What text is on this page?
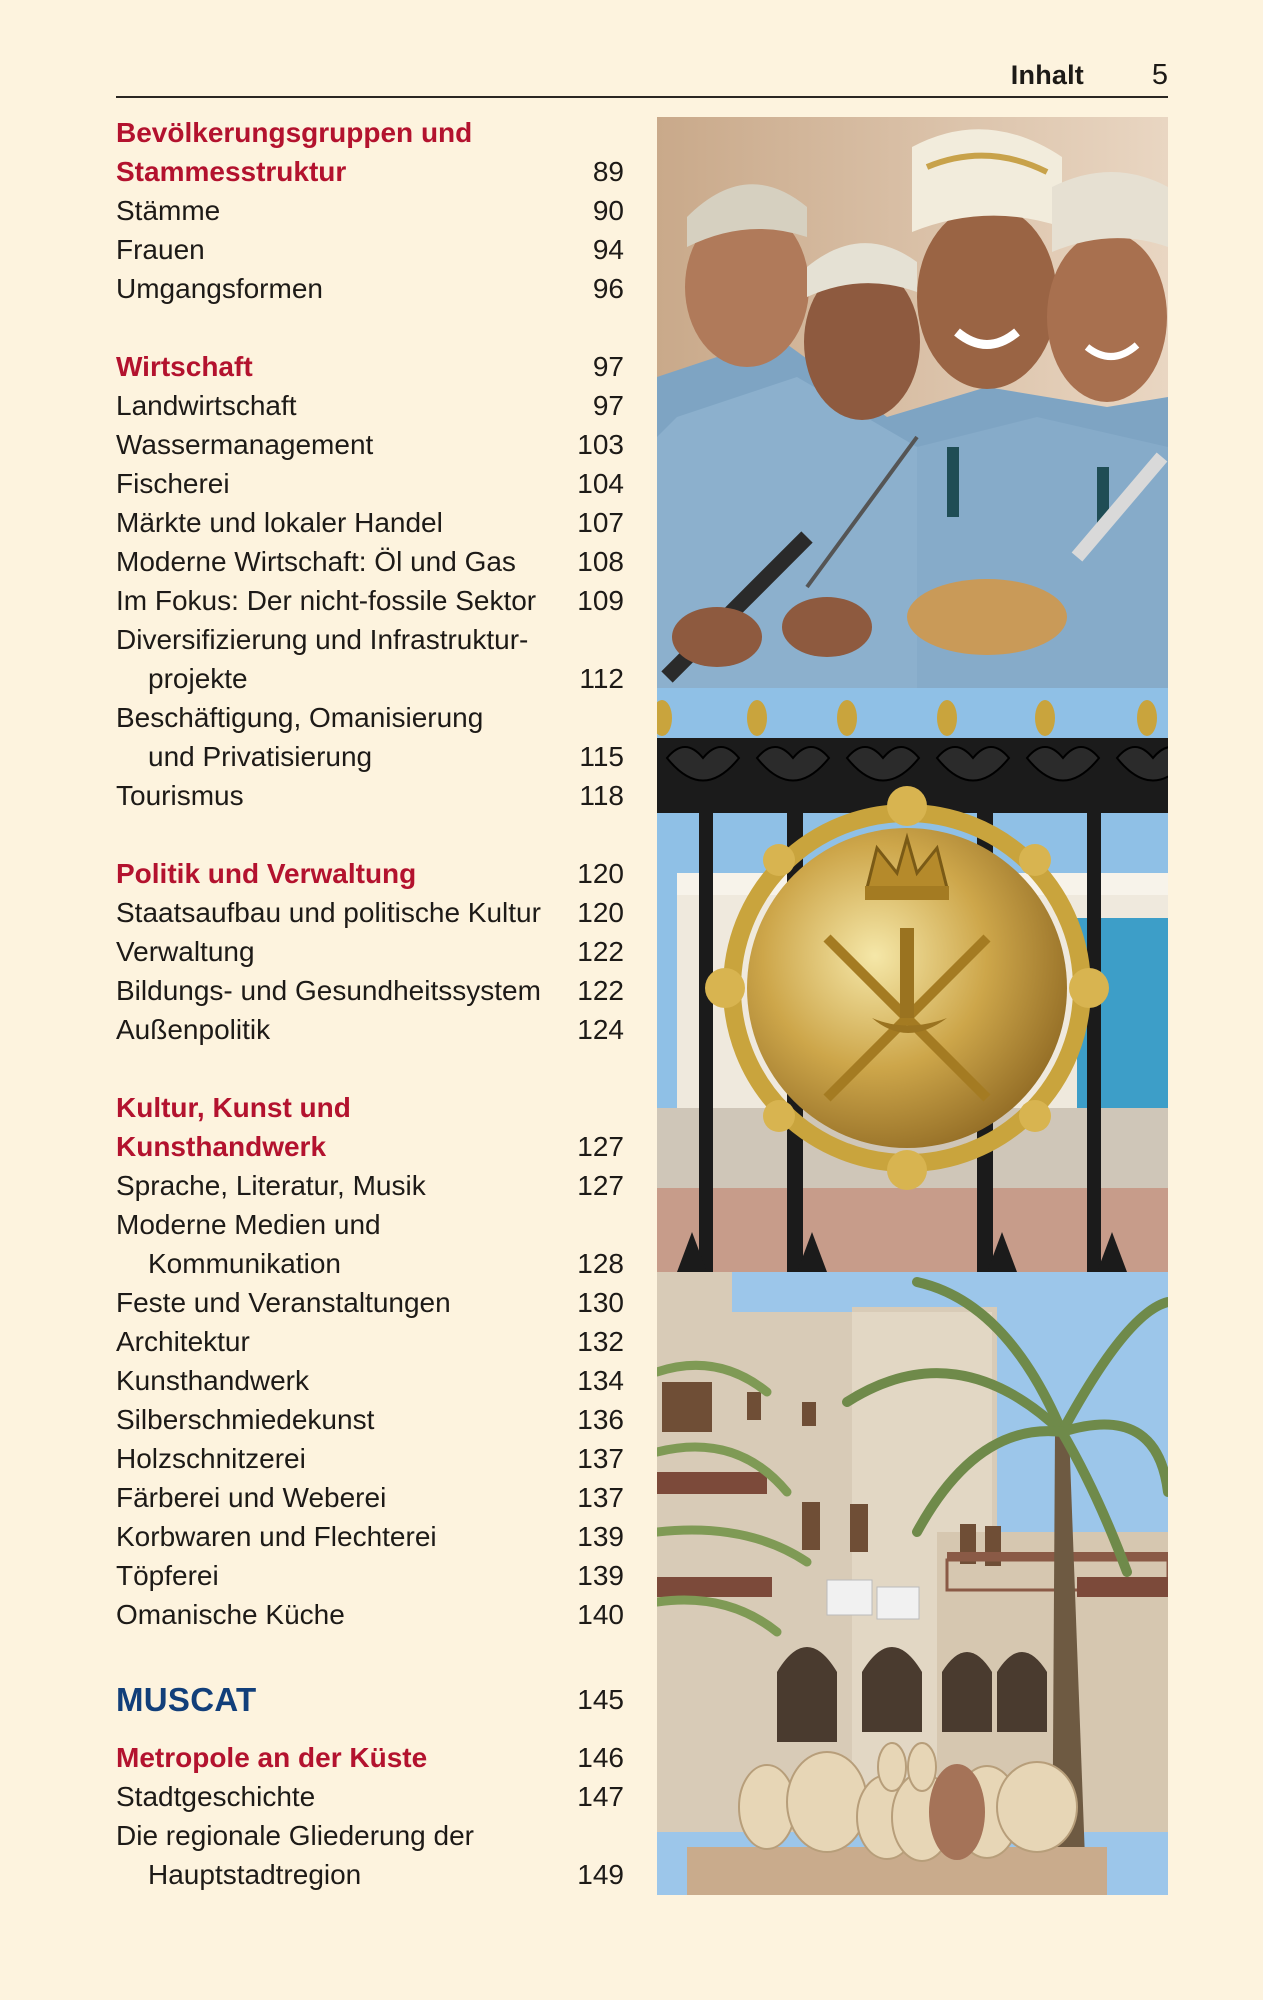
Inhalt 5
Bevölkerungsgruppen und
Stammesstruktur	89
Stämme	90
Frauen	94
Umgangsformen	96
Wirtschaft	97
Landwirtschaft	97
Wassermanagement	103
Fischerei	104
Märkte und lokaler Handel	107
Moderne Wirtschaft: Öl und Gas 108
Im Fokus: Der nicht-fossile Sektor 109
Diversifizierung und Infrastruktur-
projekte	112
Beschäftigung, Omanisierung
und Privatisierung	115
Tourismus	118
Politik und Verwaltung	120
Staatsaufbau und politische Kultur 120
Verwaltung	122
Bildungs- und Gesundheitssystem 122
Außenpolitik	124
Kultur, Kunst und
Kunsthandwerk	127
Sprache, Literatur, Musik	127
Moderne Medien und
Kommunikation	128
Feste und Veranstaltungen	130
Architektur	132
Kunsthandwerk	134
Silberschmiedekunst	136
Holzschnitzerei	137
Färberei und Weberei	137
Korbwaren und Flechterei	139
Töpferei	139
Omanische Küche	140
MUSCAT	145
Metropole an der Küste	146
Stadtgeschichte	147
Die regionale Gliederung der
Hauptstadtregion	149
